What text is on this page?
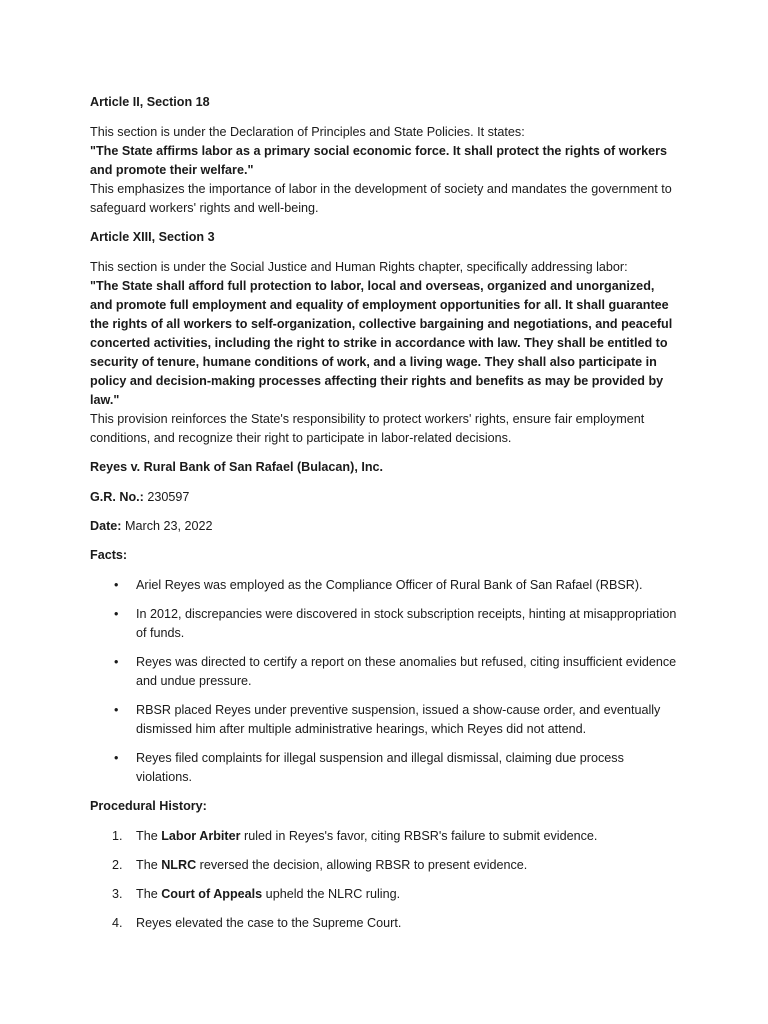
Article II, Section 18

This section is under the Declaration of Principles and State Policies. It states:
"The State affirms labor as a primary social economic force. It shall protect the rights of workers and promote their welfare."
This emphasizes the importance of labor in the development of society and mandates the government to safeguard workers' rights and well-being.

Article XIII, Section 3

This section is under the Social Justice and Human Rights chapter, specifically addressing labor:
"The State shall afford full protection to labor, local and overseas, organized and unorganized, and promote full employment and equality of employment opportunities for all. It shall guarantee the rights of all workers to self-organization, collective bargaining and negotiations, and peaceful concerted activities, including the right to strike in accordance with law. They shall be entitled to security of tenure, humane conditions of work, and a living wage. They shall also participate in policy and decision-making processes affecting their rights and benefits as may be provided by law."
This provision reinforces the State's responsibility to protect workers' rights, ensure fair employment conditions, and recognize their right to participate in labor-related decisions.

Reyes v. Rural Bank of San Rafael (Bulacan), Inc.

G.R. No.: 230597

Date: March 23, 2022

Facts:

• Ariel Reyes was employed as the Compliance Officer of Rural Bank of San Rafael (RBSR).
• In 2012, discrepancies were discovered in stock subscription receipts, hinting at misappropriation of funds.
• Reyes was directed to certify a report on these anomalies but refused, citing insufficient evidence and undue pressure.
• RBSR placed Reyes under preventive suspension, issued a show-cause order, and eventually dismissed him after multiple administrative hearings, which Reyes did not attend.
• Reyes filed complaints for illegal suspension and illegal dismissal, claiming due process violations.

Procedural History:

1. The Labor Arbiter ruled in Reyes's favor, citing RBSR's failure to submit evidence.
2. The NLRC reversed the decision, allowing RBSR to present evidence.
3. The Court of Appeals upheld the NLRC ruling.
4. Reyes elevated the case to the Supreme Court.
